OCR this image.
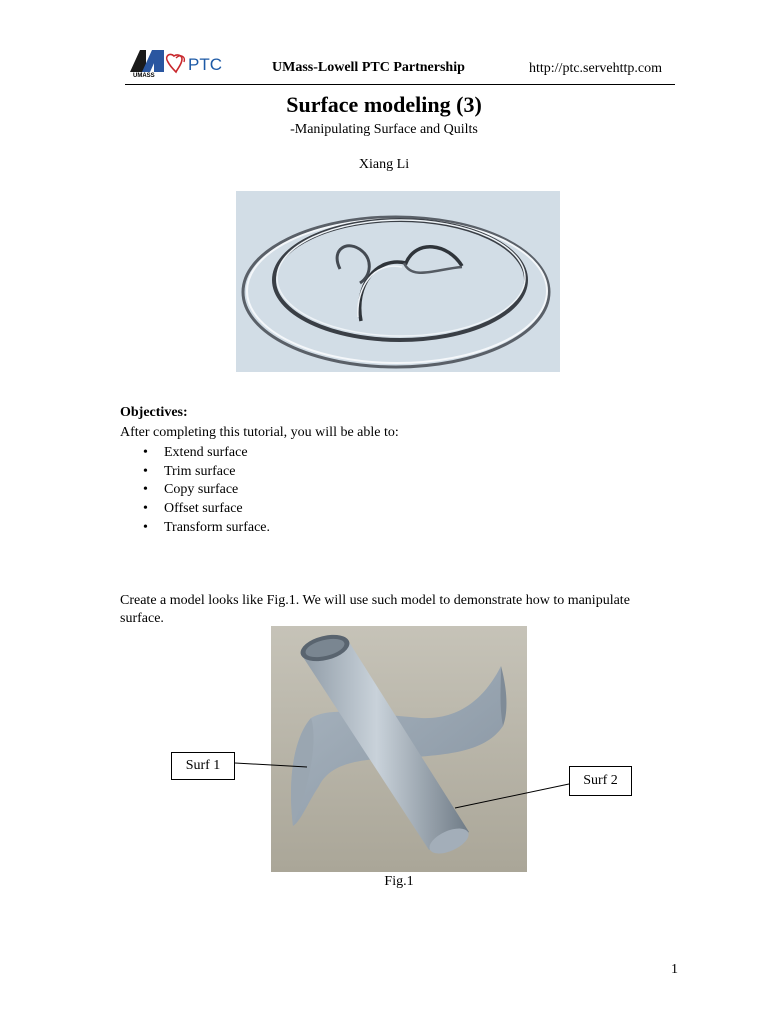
UMASS
PTC	UMass-Lowell PTC Partnership	http://ptc.servehttp.com
Surface modeling (3)
-Manipulating Surface and Quilts
Xiang Li
Objectives:
After completing this tutorial, you will be able to:
• Extend surface
• Trim surface
• Copy surface
• Offset surface
• Transform surface.
Create a model looks like Fig.1. We will use such model to demonstrate how to manipulate surface.
Surf 1
Surf 2
Fig.1
1
